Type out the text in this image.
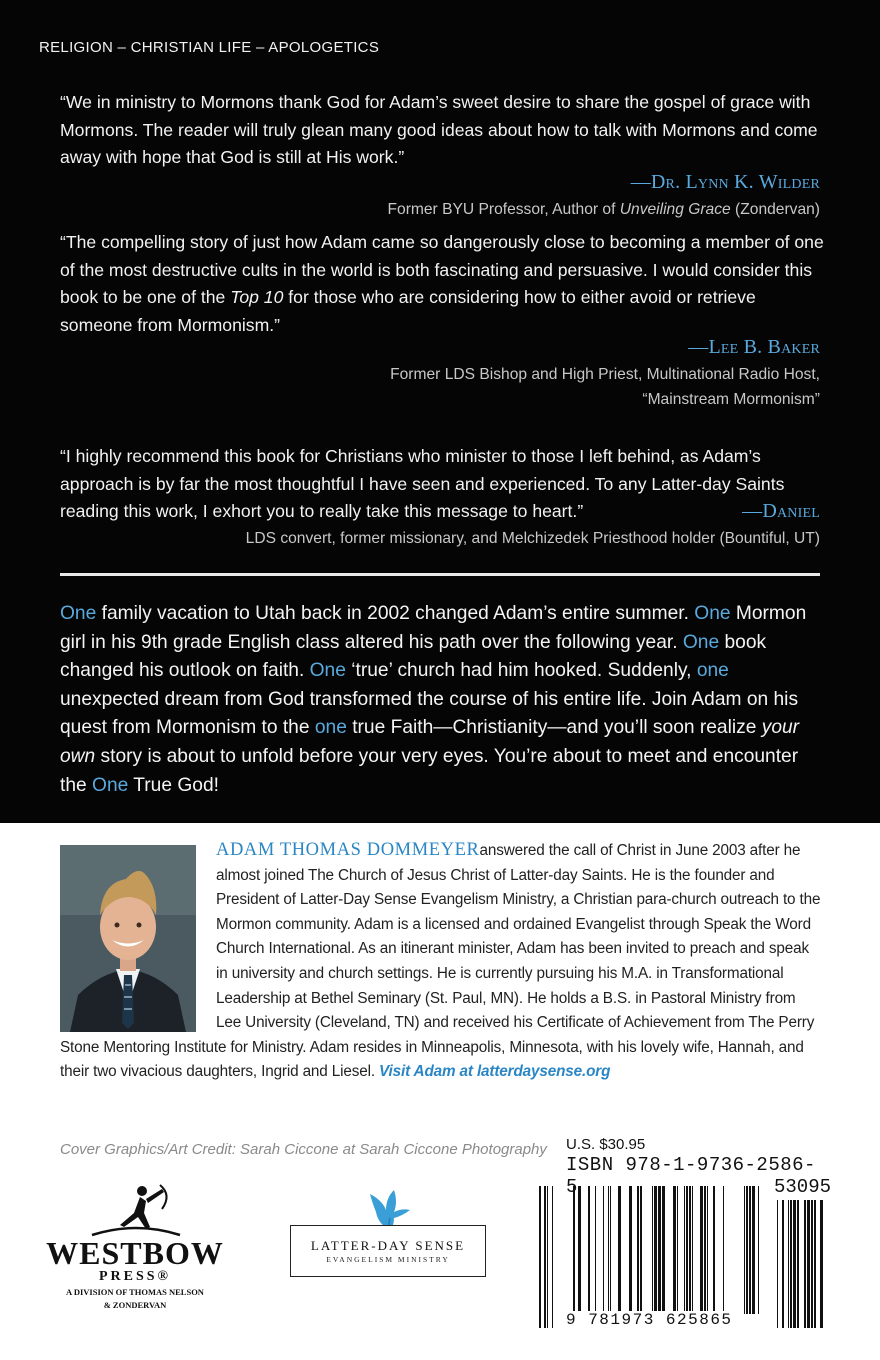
RELIGION – CHRISTIAN LIFE – APOLOGETICS
“We in ministry to Mormons thank God for Adam’s sweet desire to share the gospel of grace with Mormons. The reader will truly glean many good ideas about how to talk with Mormons and come away with hope that God is still at His work.”
—Dr. Lynn K. Wilder
Former BYU Professor, Author of Unveiling Grace (Zondervan)
“The compelling story of just how Adam came so dangerously close to becoming a member of one of the most destructive cults in the world is both fascinating and persuasive. I would consider this book to be one of the Top 10 for those who are considering how to either avoid or retrieve someone from Mormonism.”
—Lee B. Baker
Former LDS Bishop and High Priest, Multinational Radio Host,
“Mainstream Mormonism”
“I highly recommend this book for Christians who minister to those I left behind, as Adam’s approach is by far the most thoughtful I have seen and experienced. To any Latter-day Saints reading this work, I exhort you to really take this message to heart.”	—Daniel
LDS convert, former missionary, and Melchizedek Priesthood holder (Bountiful, UT)
One family vacation to Utah back in 2002 changed Adam’s entire summer. One Mormon girl in his 9th grade English class altered his path over the following year. One book changed his outlook on faith. One ‘true’ church had him hooked. Suddenly, one unexpected dream from God transformed the course of his entire life. Join Adam on his quest from Mormonism to the one true Faith—Christianity—and you’ll soon realize your own story is about to unfold before your very eyes. You’re about to meet and encounter the One True God!
ADAM THOMAS DOMMEYERanswered the call of Christ in June 2003 after he almost joined The Church of Jesus Christ of Latter-day Saints. He is the founder and President of Latter-Day Sense Evangelism Ministry, a Christian para-church outreach to the Mormon community. Adam is a licensed and ordained Evangelist through Speak the Word Church International. As an itinerant minister, Adam has been invited to preach and speak in university and church settings. He is currently pursuing his M.A. in Transformational Leadership at Bethel Seminary (St. Paul, MN). He holds a B.S. in Pastoral Ministry from Lee University (Cleveland, TN) and received his Certificate of Achievement from The Perry Stone Mentoring Institute for Ministry. Adam resides in Minneapolis, Minnesota, with his lovely wife, Hannah, and their two vivacious daughters, Ingrid and Liesel. Visit Adam at latterdaysense.org
Cover Graphics/Art Credit: Sarah Ciccone at Sarah Ciccone Photography
WESTBOW
PRESS®
A DIVISION OF THOMAS NELSON
& ZONDERVAN
LATTER-DAY SENSE
EVANGELISM MINISTRY
U.S. $30.95
ISBN 978-1-9736-2586-5	53095
9 781973 625865
